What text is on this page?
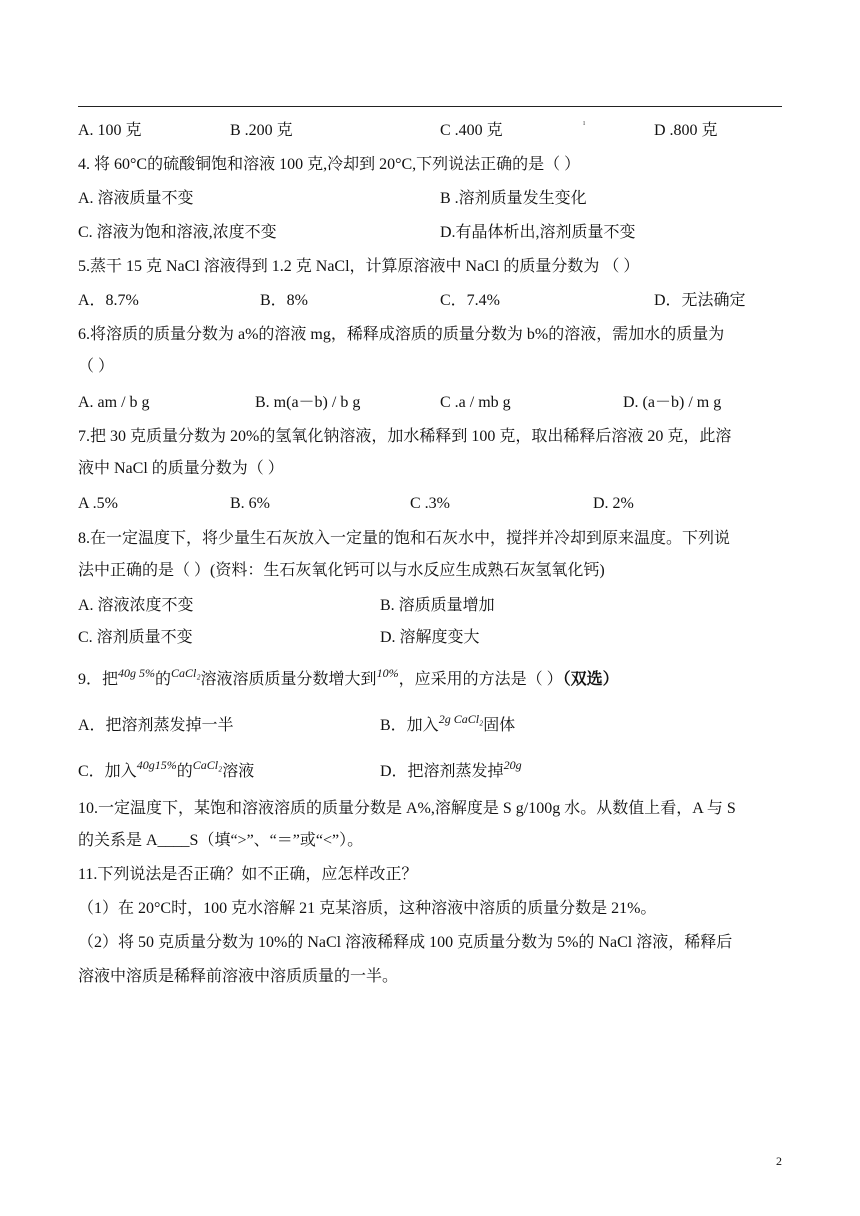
ı
A. 100 克	B .200 克	C .400 克	D .800 克
4. 将 60°C的硫酸铜饱和溶液 100 克,冷却到 20°C,下列说法正确的是（ ）
A. 溶液质量不变	B .溶剂质量发生变化
C. 溶液为饱和溶液,浓度不变	D.有晶体析出,溶剂质量不变
5.蒸干 15 克 NaCl 溶液得到 1.2 克 NaCl，计算原溶液中 NaCl 的质量分数为 （ ）
A．8.7%	B．8%	C．7.4%	D．无法确定
6.将溶质的质量分数为 a%的溶液 mg，稀释成溶质的质量分数为 b%的溶液，需加水的质量为
（ ）
A. am / b g	B. m(a－b) / b g	C .a / mb g	D. (a－b) / m g
7.把 30 克质量分数为 20%的氢氧化钠溶液，加水稀释到 100 克，取出稀释后溶液 20 克，此溶
液中 NaCl 的质量分数为（ ）
A .5%	B. 6%	C .3%	D. 2%
8.在一定温度下，将少量生石灰放入一定量的饱和石灰水中，搅拌并冷却到原来温度。下列说
法中正确的是（ ）(资料：生石灰氧化钙可以与水反应生成熟石灰氢氧化钙)
A. 溶液浓度不变	B. 溶质质量增加
C. 溶剂质量不变	D. 溶解度变大
9．把$^{40g 5\%}$的$^{CaCl_2}$溶液溶质质量分数增大到$^{10\%}$，应采用的方法是（ ）（双选）
A．把溶剂蒸发掉一半	B．加入$^{2g CaCl_2}$固体
C．加入$^{40g15\%}$的$^{CaCl_2}$溶液	D．把溶剂蒸发掉$^{20g}$
10.一定温度下，某饱和溶液溶质的质量分数是 A%,溶解度是 S g/100g 水。从数值上看，A 与 S
的关系是 A____S（填“>”、“＝”或“<”）。
11.下列说法是否正确？如不正确，应怎样改正？
（1）在 20°C时，100 克水溶解 21 克某溶质，这种溶液中溶质的质量分数是 21%。
（2）将 50 克质量分数为 10%的 NaCl 溶液稀释成 100 克质量分数为 5%的 NaCl 溶液，稀释后
溶液中溶质是稀释前溶液中溶质质量的一半。
2
